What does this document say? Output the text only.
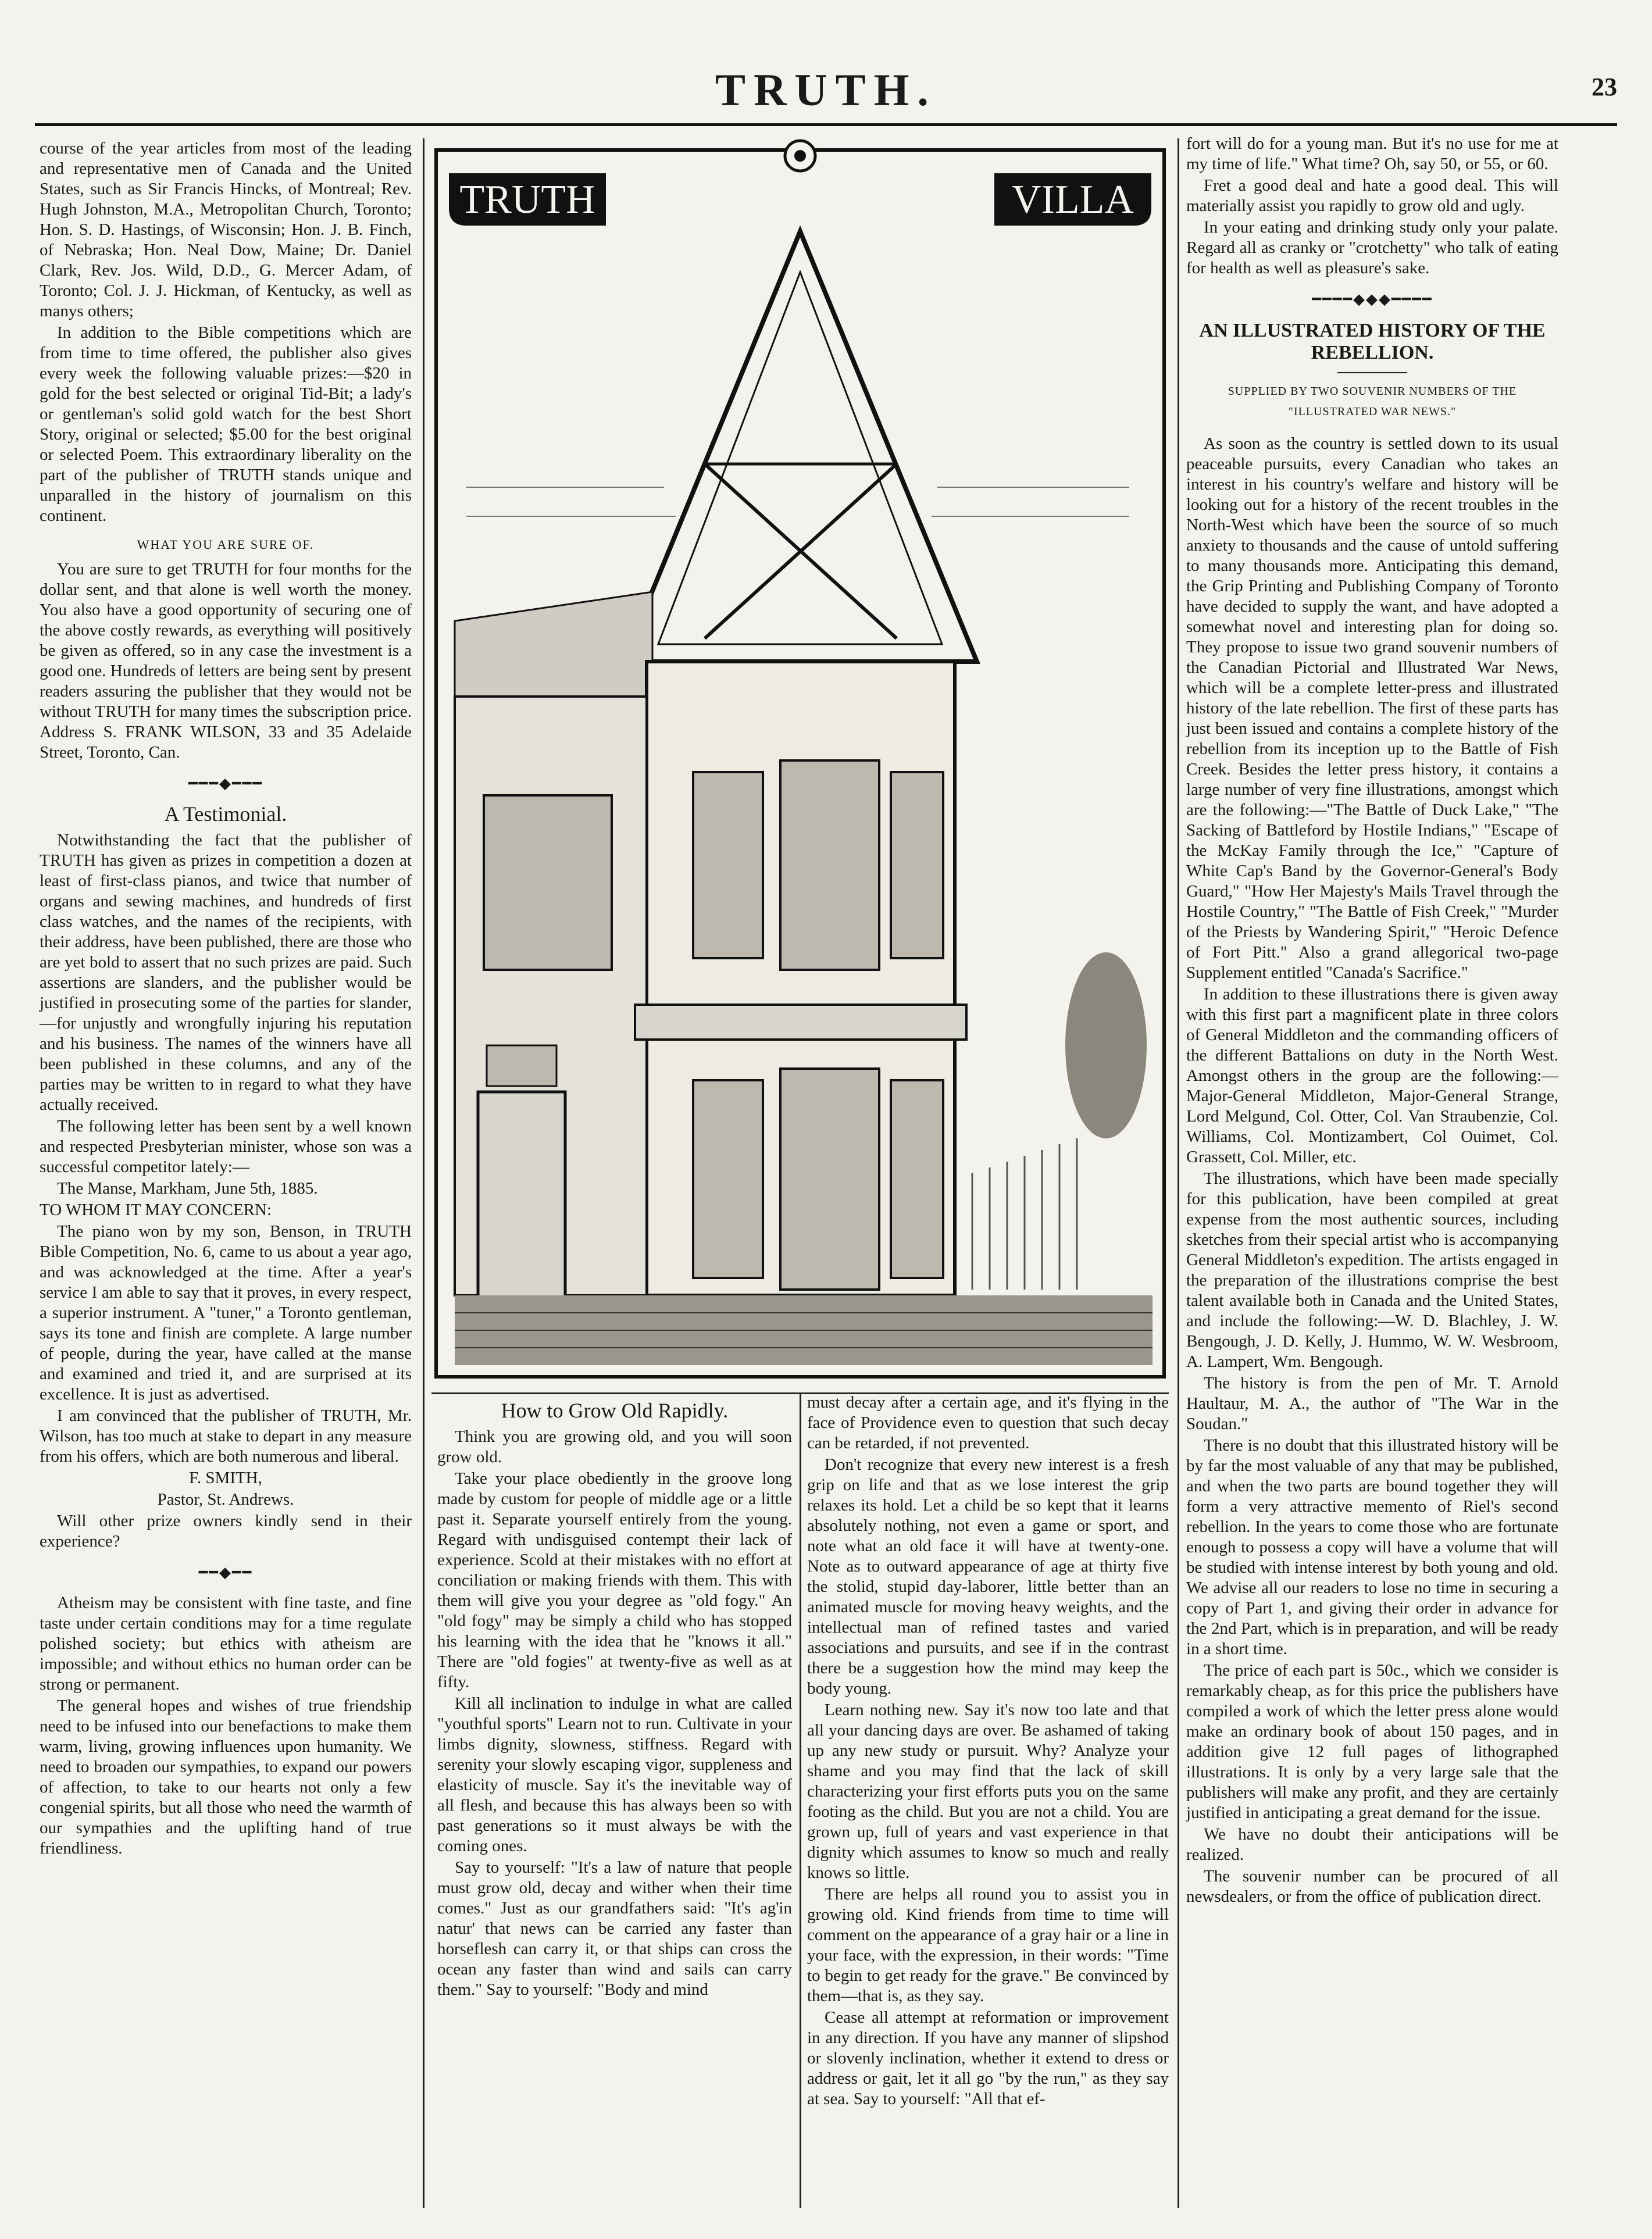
TRUTH.	23

course of the year articles from most of the leading and representative men of Canada and the United States, such as Sir Francis Hincks, of Montreal; Rev. Hugh Johnston, M.A., Metropolitan Church, Toronto; Hon. S. D. Hastings, of Wisconsin; Hon. J. B. Finch, of Nebraska; Hon. Neal Dow, Maine; Dr. Daniel Clark, Rev. Jos. Wild, D.D., G. Mercer Adam, of Toronto; Col. J. J. Hickman, of Kentucky, as well as manys others;

In addition to the Bible competitions which are from time to time offered, the publisher also gives every week the following valuable prizes:—$20 in gold for the best selected or original Tid-Bit; a lady's or gentleman's solid gold watch for the best Short Story, original or selected; $5.00 for the best original or selected Poem. This extraordinary liberality on the part of the publisher of TRUTH stands unique and unparalled in the history of journalism on this continent.

WHAT YOU ARE SURE OF.

You are sure to get TRUTH for four months for the dollar sent, and that alone is well worth the money. You also have a good opportunity of securing one of the above costly rewards, as everything will positively be given as offered, so in any case the investment is a good one. Hundreds of letters are being sent by present readers assuring the publisher that they would not be without TRUTH for many times the subscription price. Address S. FRANK WILSON, 33 and 35 Adelaide Street, Toronto, Can.

━━━◆━━━
A Testimonial.

Notwithstanding the fact that the publisher of TRUTH has given as prizes in competition a dozen at least of first-class pianos, and twice that number of organs and sewing machines, and hundreds of first class watches, and the names of the recipients, with their address, have been published, there are those who are yet bold to assert that no such prizes are paid. Such assertions are slanders, and the publisher would be justified in prosecuting some of the parties for slander,—for unjustly and wrongfully injuring his reputation and his business. The names of the winners have all been published in these columns, and any of the parties may be written to in regard to what they have actually received.

The following letter has been sent by a well known and respected Presbyterian minister, whose son was a successful competitor lately:—

The Manse, Markham, June 5th, 1885.

TO WHOM IT MAY CONCERN:

The piano won by my son, Benson, in TRUTH Bible Competition, No. 6, came to us about a year ago, and was acknowledged at the time. After a year's service I am able to say that it proves, in every respect, a superior instrument. A "tuner," a Toronto gentleman, says its tone and finish are complete. A large number of people, during the year, have called at the manse and examined and tried it, and are surprised at its excellence. It is just as advertised.

I am convinced that the publisher of TRUTH, Mr. Wilson, has too much at stake to depart in any measure from his offers, which are both numerous and liberal.

F. SMITH,

Pastor, St. Andrews.

Will other prize owners kindly send in their experience?

━━◆━━

Atheism may be consistent with fine taste, and fine taste under certain conditions may for a time regulate polished society; but ethics with atheism are impossible; and without ethics no human order can be strong or permanent.

The general hopes and wishes of true friendship need to be infused into our benefactions to make them warm, living, growing influences upon humanity. We need to broaden our sympathies, to expand our powers of affection, to take to our hearts not only a few congenial spirits, but all those who need the warmth of our sympathies and the uplifting hand of true friendliness.

TRUTH	VILLA
How to Grow Old Rapidly.

Think you are growing old, and you will soon grow old.

Take your place obediently in the groove long made by custom for people of middle age or a little past it. Separate yourself entirely from the young. Regard with undisguised contempt their lack of experience. Scold at their mistakes with no effort at conciliation or making friends with them. This with them will give you your degree as "old fogy." An "old fogy" may be simply a child who has stopped his learning with the idea that he "knows it all." There are "old fogies" at twenty-five as well as at fifty.

Kill all inclination to indulge in what are called "youthful sports" Learn not to run. Cultivate in your limbs dignity, slowness, stiffness. Regard with serenity your slowly escaping vigor, suppleness and elasticity of muscle. Say it's the inevitable way of all flesh, and because this has always been so with past generations so it must always be with the coming ones.

Say to yourself: "It's a law of nature that people must grow old, decay and wither when their time comes." Just as our grandfathers said: "It's ag'in natur' that news can be carried any faster than horseflesh can carry it, or that ships can cross the ocean any faster than wind and sails can carry them." Say to yourself: "Body and mind

must decay after a certain age, and it's flying in the face of Providence even to question that such decay can be retarded, if not prevented.

Don't recognize that every new interest is a fresh grip on life and that as we lose interest the grip relaxes its hold. Let a child be so kept that it learns absolutely nothing, not even a game or sport, and note what an old face it will have at twenty-one. Note as to outward appearance of age at thirty five the stolid, stupid day-laborer, little better than an animated muscle for moving heavy weights, and the intellectual man of refined tastes and varied associations and pursuits, and see if in the contrast there be a suggestion how the mind may keep the body young.

Learn nothing new. Say it's now too late and that all your dancing days are over. Be ashamed of taking up any new study or pursuit. Why? Analyze your shame and you may find that the lack of skill characterizing your first efforts puts you on the same footing as the child. But you are not a child. You are grown up, full of years and vast experience in that dignity which assumes to know so much and really knows so little.

There are helps all round you to assist you in growing old. Kind friends from time to time will comment on the appearance of a gray hair or a line in your face, with the expression, in their words: "Time to begin to get ready for the grave." Be convinced by them—that is, as they say.

Cease all attempt at reformation or improvement in any direction. If you have any manner of slipshod or slovenly inclination, whether it extend to dress or address or gait, let it all go "by the run," as they say at sea. Say to yourself: "All that ef-

fort will do for a young man. But it's no use for me at my time of life." What time? Oh, say 50, or 55, or 60.

Fret a good deal and hate a good deal. This will materially assist you rapidly to grow old and ugly.

In your eating and drinking study only your palate. Regard all as cranky or "crotchetty" who talk of eating for health as well as pleasure's sake.

━━━━◆◆◆━━━━
AN ILLUSTRATED HISTORY OF THE REBELLION.

SUPPLIED BY TWO SOUVENIR NUMBERS OF THE "ILLUSTRATED WAR NEWS."

As soon as the country is settled down to its usual peaceable pursuits, every Canadian who takes an interest in his country's welfare and history will be looking out for a history of the recent troubles in the North-West which have been the source of so much anxiety to thousands and the cause of untold suffering to many thousands more. Anticipating this demand, the Grip Printing and Publishing Company of Toronto have decided to supply the want, and have adopted a somewhat novel and interesting plan for doing so. They propose to issue two grand souvenir numbers of the Canadian Pictorial and Illustrated War News, which will be a complete letter-press and illustrated history of the late rebellion. The first of these parts has just been issued and contains a complete history of the rebellion from its inception up to the Battle of Fish Creek. Besides the letter press history, it contains a large number of very fine illustrations, amongst which are the following:—"The Battle of Duck Lake," "The Sacking of Battleford by Hostile Indians," "Escape of the McKay Family through the Ice," "Capture of White Cap's Band by the Governor-General's Body Guard," "How Her Majesty's Mails Travel through the Hostile Country," "The Battle of Fish Creek," "Murder of the Priests by Wandering Spirit," "Heroic Defence of Fort Pitt." Also a grand allegorical two-page Supplement entitled "Canada's Sacrifice."

In addition to these illustrations there is given away with this first part a magnificent plate in three colors of General Middleton and the commanding officers of the different Battalions on duty in the North West. Amongst others in the group are the following:—Major-General Middleton, Major-General Strange, Lord Melgund, Col. Otter, Col. Van Straubenzie, Col. Williams, Col. Montizambert, Col Ouimet, Col. Grassett, Col. Miller, etc.

The illustrations, which have been made specially for this publication, have been compiled at great expense from the most authentic sources, including sketches from their special artist who is accompanying General Middleton's expedition. The artists engaged in the preparation of the illustrations comprise the best talent available both in Canada and the United States, and include the following:—W. D. Blachley, J. W. Bengough, J. D. Kelly, J. Hummo, W. W. Wesbroom, A. Lampert, Wm. Bengough.

The history is from the pen of Mr. T. Arnold Haultaur, M. A., the author of "The War in the Soudan."

There is no doubt that this illustrated history will be by far the most valuable of any that may be published, and when the two parts are bound together they will form a very attractive memento of Riel's second rebellion. In the years to come those who are fortunate enough to possess a copy will have a volume that will be studied with intense interest by both young and old. We advise all our readers to lose no time in securing a copy of Part 1, and giving their order in advance for the 2nd Part, which is in preparation, and will be ready in a short time.

The price of each part is 50c., which we consider is remarkably cheap, as for this price the publishers have compiled a work of which the letter press alone would make an ordinary book of about 150 pages, and in addition give 12 full pages of lithographed illustrations. It is only by a very large sale that the publishers will make any profit, and they are certainly justified in anticipating a great demand for the issue.

We have no doubt their anticipations will be realized.

The souvenir number can be procured of all newsdealers, or from the office of publication direct.
